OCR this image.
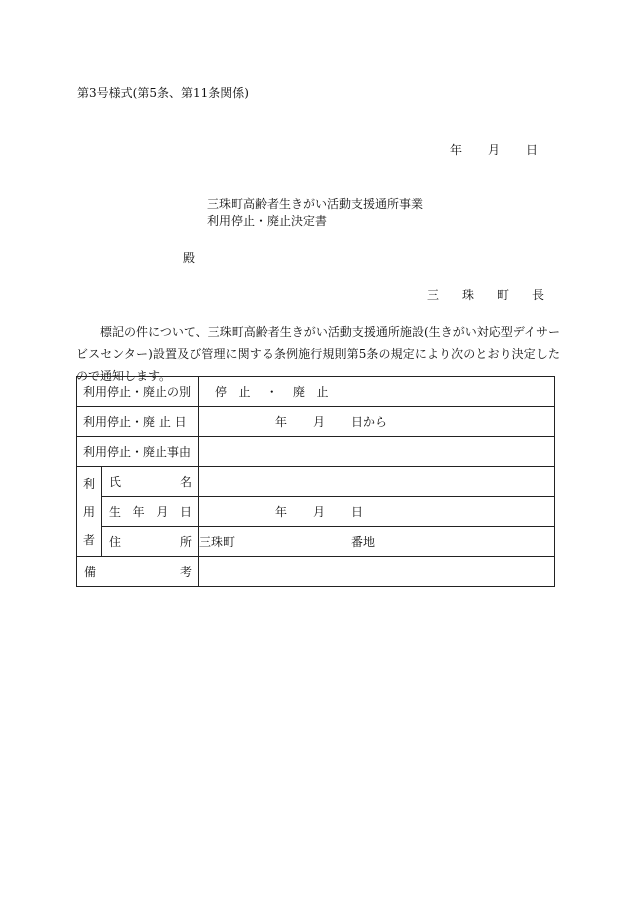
第3号様式(第5条、第11条関係)
年 月 日
三珠町高齢者生きがい活動支援通所事業
利用停止・廃止決定書
殿
三 珠 町 長

標記の件について、三珠町高齢者生きがい活動支援通所施設(生きがい対応型デイサービスセンター)設置及び管理に関する条例施行規則第5条の規定により次のとおり決定したので通知します。

利用停止・廃止の別		停 止 ・ 廃 止

利用停止・廃 止 日		年 月 日から

利用停止・廃止事由		

利
用
者	氏 名	

	生 年 月 日	年 月 日

	住 所	三珠町 番地

備 考		
